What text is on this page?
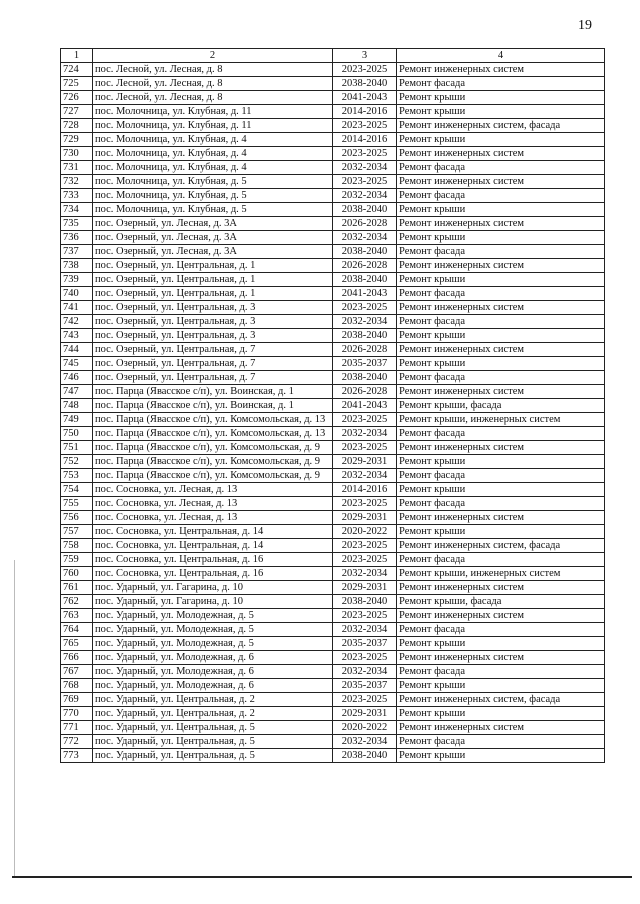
19
1	2	3	4
724	пос. Лесной, ул. Лесная, д. 8	2023-2025	Ремонт инженерных систем
725	пос. Лесной, ул. Лесная, д. 8	2038-2040	Ремонт фасада
726	пос. Лесной, ул. Лесная, д. 8	2041-2043	Ремонт крыши
727	пос. Молочница, ул. Клубная, д. 11	2014-2016	Ремонт крыши
728	пос. Молочница, ул. Клубная, д. 11	2023-2025	Ремонт инженерных систем, фасада
729	пос. Молочница, ул. Клубная, д. 4	2014-2016	Ремонт крыши
730	пос. Молочница, ул. Клубная, д. 4	2023-2025	Ремонт инженерных систем
731	пос. Молочница, ул. Клубная, д. 4	2032-2034	Ремонт фасада
732	пос. Молочница, ул. Клубная, д. 5	2023-2025	Ремонт инженерных систем
733	пос. Молочница, ул. Клубная, д. 5	2032-2034	Ремонт фасада
734	пос. Молочница, ул. Клубная, д. 5	2038-2040	Ремонт крыши
735	пос. Озерный, ул. Лесная, д. 3А	2026-2028	Ремонт инженерных систем
736	пос. Озерный, ул. Лесная, д. 3А	2032-2034	Ремонт крыши
737	пос. Озерный, ул. Лесная, д. 3А	2038-2040	Ремонт фасада
738	пос. Озерный, ул. Центральная, д. 1	2026-2028	Ремонт инженерных систем
739	пос. Озерный, ул. Центральная, д. 1	2038-2040	Ремонт крыши
740	пос. Озерный, ул. Центральная, д. 1	2041-2043	Ремонт фасада
741	пос. Озерный, ул. Центральная, д. 3	2023-2025	Ремонт инженерных систем
742	пос. Озерный, ул. Центральная, д. 3	2032-2034	Ремонт фасада
743	пос. Озерный, ул. Центральная, д. 3	2038-2040	Ремонт крыши
744	пос. Озерный, ул. Центральная, д. 7	2026-2028	Ремонт инженерных систем
745	пос. Озерный, ул. Центральная, д. 7	2035-2037	Ремонт крыши
746	пос. Озерный, ул. Центральная, д. 7	2038-2040	Ремонт фасада
747	пос. Парца (Явасское с/п), ул. Воинская, д. 1	2026-2028	Ремонт инженерных систем
748	пос. Парца (Явасское с/п), ул. Воинская, д. 1	2041-2043	Ремонт крыши, фасада
749	пос. Парца (Явасское с/п), ул. Комсомольская, д. 13	2023-2025	Ремонт крыши, инженерных систем
750	пос. Парца (Явасское с/п), ул. Комсомольская, д. 13	2032-2034	Ремонт фасада
751	пос. Парца (Явасское с/п), ул. Комсомольская, д. 9	2023-2025	Ремонт инженерных систем
752	пос. Парца (Явасское с/п), ул. Комсомольская, д. 9	2029-2031	Ремонт крыши
753	пос. Парца (Явасское с/п), ул. Комсомольская, д. 9	2032-2034	Ремонт фасада
754	пос. Сосновка, ул. Лесная, д. 13	2014-2016	Ремонт крыши
755	пос. Сосновка, ул. Лесная, д. 13	2023-2025	Ремонт фасада
756	пос. Сосновка, ул. Лесная, д. 13	2029-2031	Ремонт инженерных систем
757	пос. Сосновка, ул. Центральная, д. 14	2020-2022	Ремонт крыши
758	пос. Сосновка, ул. Центральная, д. 14	2023-2025	Ремонт инженерных систем, фасада
759	пос. Сосновка, ул. Центральная, д. 16	2023-2025	Ремонт фасада
760	пос. Сосновка, ул. Центральная, д. 16	2032-2034	Ремонт крыши, инженерных систем
761	пос. Ударный, ул. Гагарина, д. 10	2029-2031	Ремонт инженерных систем
762	пос. Ударный, ул. Гагарина, д. 10	2038-2040	Ремонт крыши, фасада
763	пос. Ударный, ул. Молодежная, д. 5	2023-2025	Ремонт инженерных систем
764	пос. Ударный, ул. Молодежная, д. 5	2032-2034	Ремонт фасада
765	пос. Ударный, ул. Молодежная, д. 5	2035-2037	Ремонт крыши
766	пос. Ударный, ул. Молодежная, д. 6	2023-2025	Ремонт инженерных систем
767	пос. Ударный, ул. Молодежная, д. 6	2032-2034	Ремонт фасада
768	пос. Ударный, ул. Молодежная, д. 6	2035-2037	Ремонт крыши
769	пос. Ударный, ул. Центральная, д. 2	2023-2025	Ремонт инженерных систем, фасада
770	пос. Ударный, ул. Центральная, д. 2	2029-2031	Ремонт крыши
771	пос. Ударный, ул. Центральная, д. 5	2020-2022	Ремонт инженерных систем
772	пос. Ударный, ул. Центральная, д. 5	2032-2034	Ремонт фасада
773	пос. Ударный, ул. Центральная, д. 5	2038-2040	Ремонт крыши
